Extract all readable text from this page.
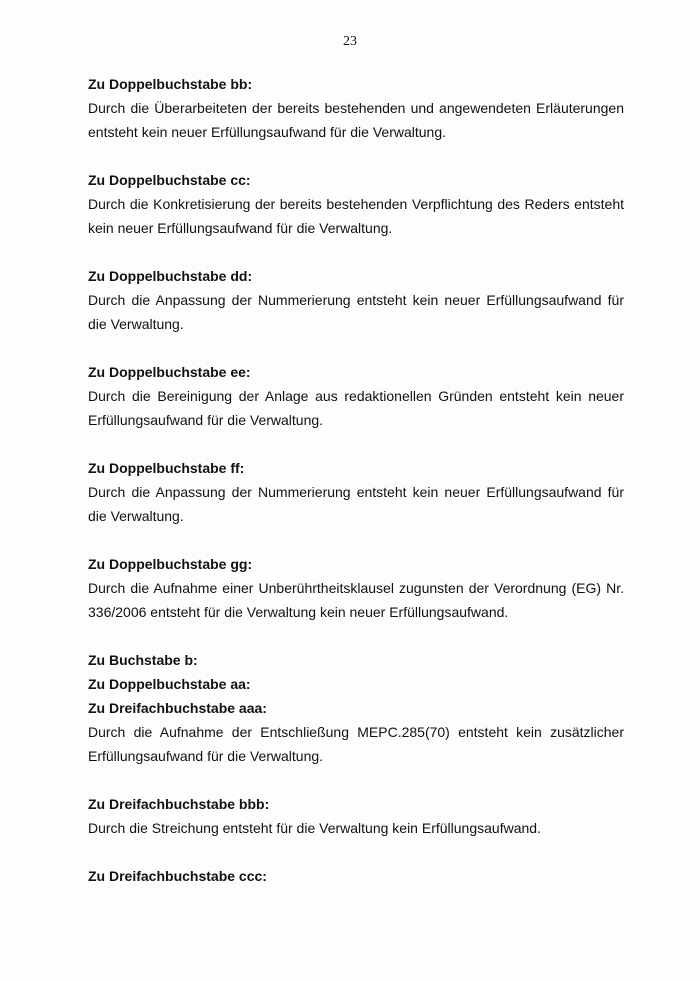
23
Zu Doppelbuchstabe bb:

Durch die Überarbeiteten der bereits bestehenden und angewendeten Erläuterungen entsteht kein neuer Erfüllungsaufwand für die Verwaltung.

Zu Doppelbuchstabe cc:

Durch die Konkretisierung der bereits bestehenden Verpflichtung des Reders entsteht kein neuer Erfüllungsaufwand für die Verwaltung.

Zu Doppelbuchstabe dd:

Durch die Anpassung der Nummerierung entsteht kein neuer Erfüllungsaufwand für die Verwaltung.

Zu Doppelbuchstabe ee:

Durch die Bereinigung der Anlage aus redaktionellen Gründen entsteht kein neuer Erfüllungsaufwand für die Verwaltung.

Zu Doppelbuchstabe ff:

Durch die Anpassung der Nummerierung entsteht kein neuer Erfüllungsaufwand für die Verwaltung.

Zu Doppelbuchstabe gg:

Durch die Aufnahme einer Unberührtheitsklausel zugunsten der Verordnung (EG) Nr. 336/2006 entsteht für die Verwaltung kein neuer Erfüllungsaufwand.

Zu Buchstabe b:
Zu Doppelbuchstabe aa:
Zu Dreifachbuchstabe aaa:

Durch die Aufnahme der Entschließung MEPC.285(70) entsteht kein zusätzlicher Erfüllungsaufwand für die Verwaltung.

Zu Dreifachbuchstabe bbb:

Durch die Streichung entsteht für die Verwaltung kein Erfüllungsaufwand.

Zu Dreifachbuchstabe ccc:
